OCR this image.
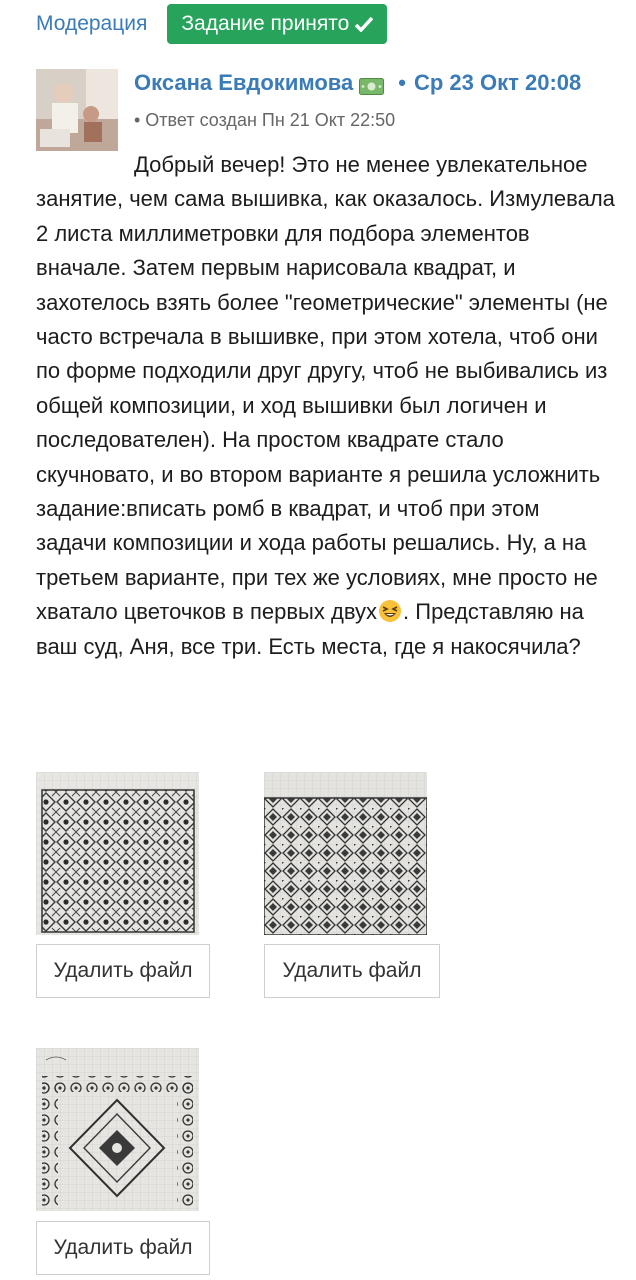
Модерация Задание принято
Оксана Евдокимова • Ср 23 Окт 20:08
• Ответ создан Пн 21 Окт 22:50
Добрый вечер! Это не менее увлекательное занятие, чем сама вышивка, как оказалось. Измулевала 2 листа миллиметровки для подбора элементов вначале. Затем первым нарисовала квадрат, и захотелось взять более "геометрические" элементы (не часто встречала в вышивке, при этом хотела, чтоб они по форме подходили друг другу, чтоб не выбивались из общей композиции, и ход вышивки был логичен и последователен). На простом квадрате стало скучновато, и во втором варианте я решила усложнить задание:вписать ромб в квадрат, и чтоб при этом задачи композиции и хода работы решались. Ну, а на третьем варианте, при тех же условиях, мне просто не хватало цветочков в первых двух . Представляю на ваш суд, Аня, все три. Есть места, где я накосячила?
Удалить файл	Удалить файл
Удалить файл
